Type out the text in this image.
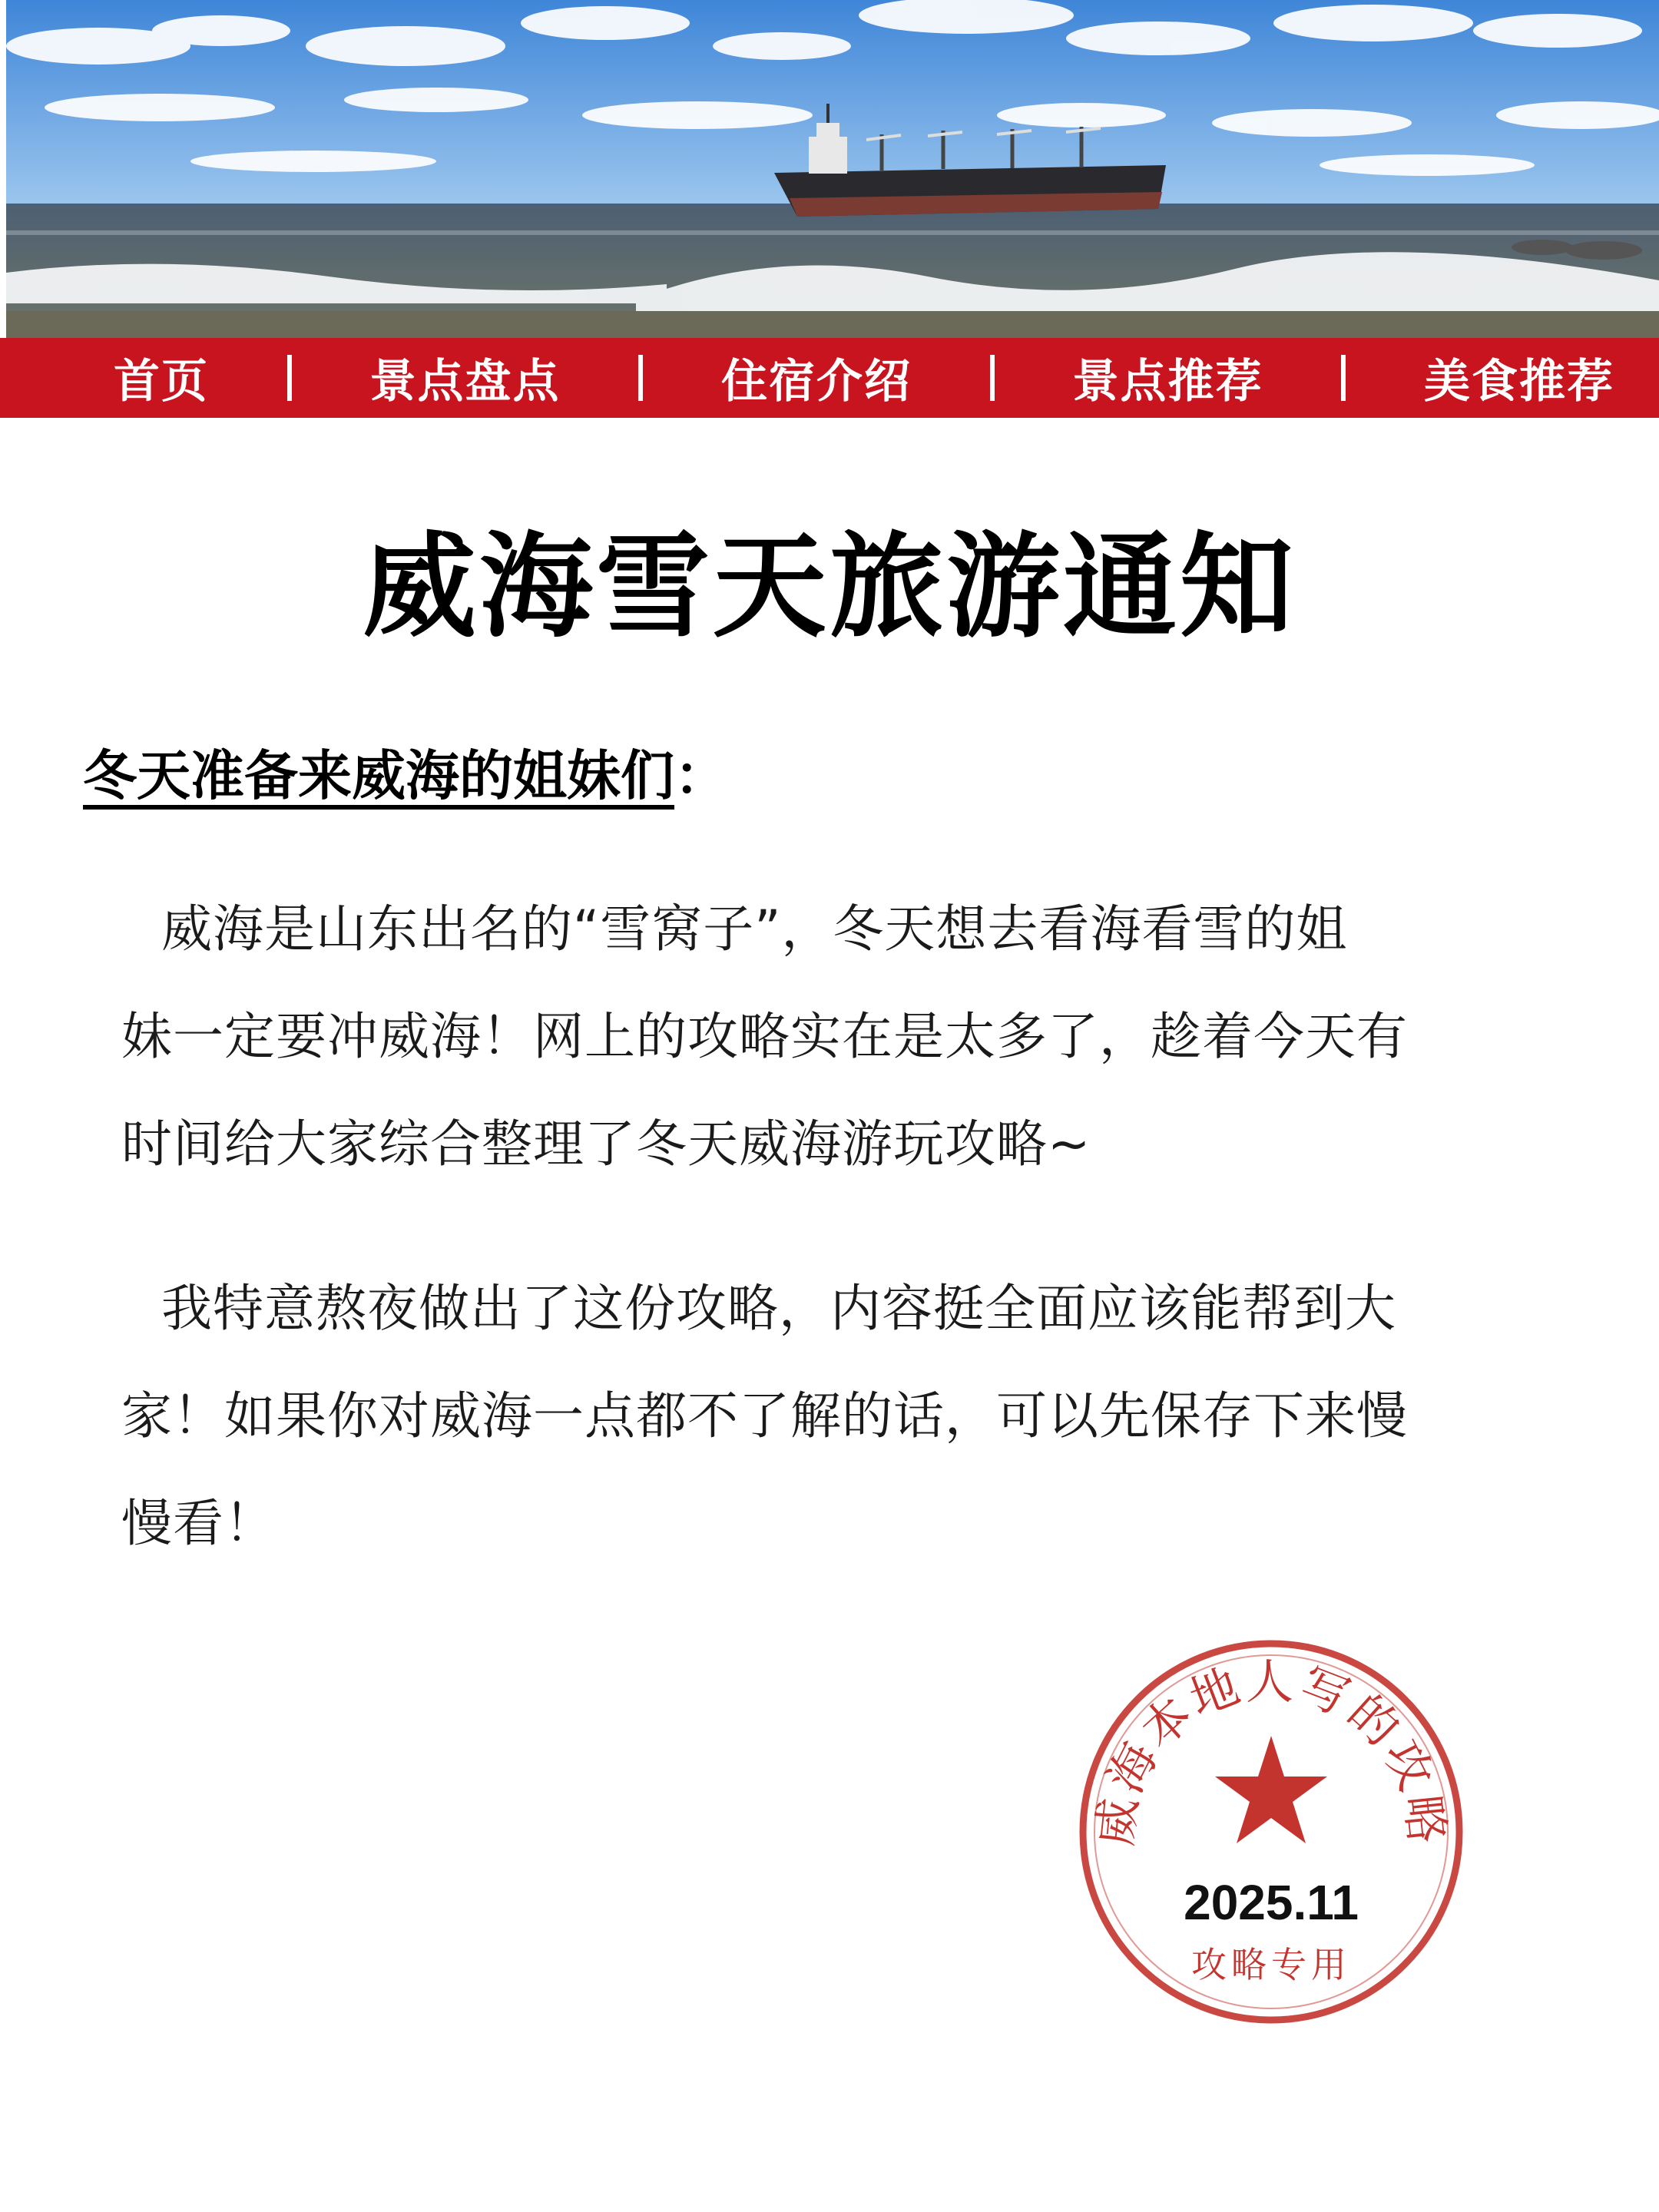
首页	景点盘点	住宿介绍	景点推荐	美食推荐
威海雪天旅游通知
冬天准备来威海的姐妹们：
威海是山东出名的“雪窝子”，冬天想去看海看雪的姐
妹一定要冲威海！网上的攻略实在是太多了，趁着今天有
时间给大家综合整理了冬天威海游玩攻略~
我特意熬夜做出了这份攻略，内容挺全面应该能帮到大
家！如果你对威海一点都不了解的话，可以先保存下来慢
慢看！
威海本地人写的攻略
2025.11
攻略专用
